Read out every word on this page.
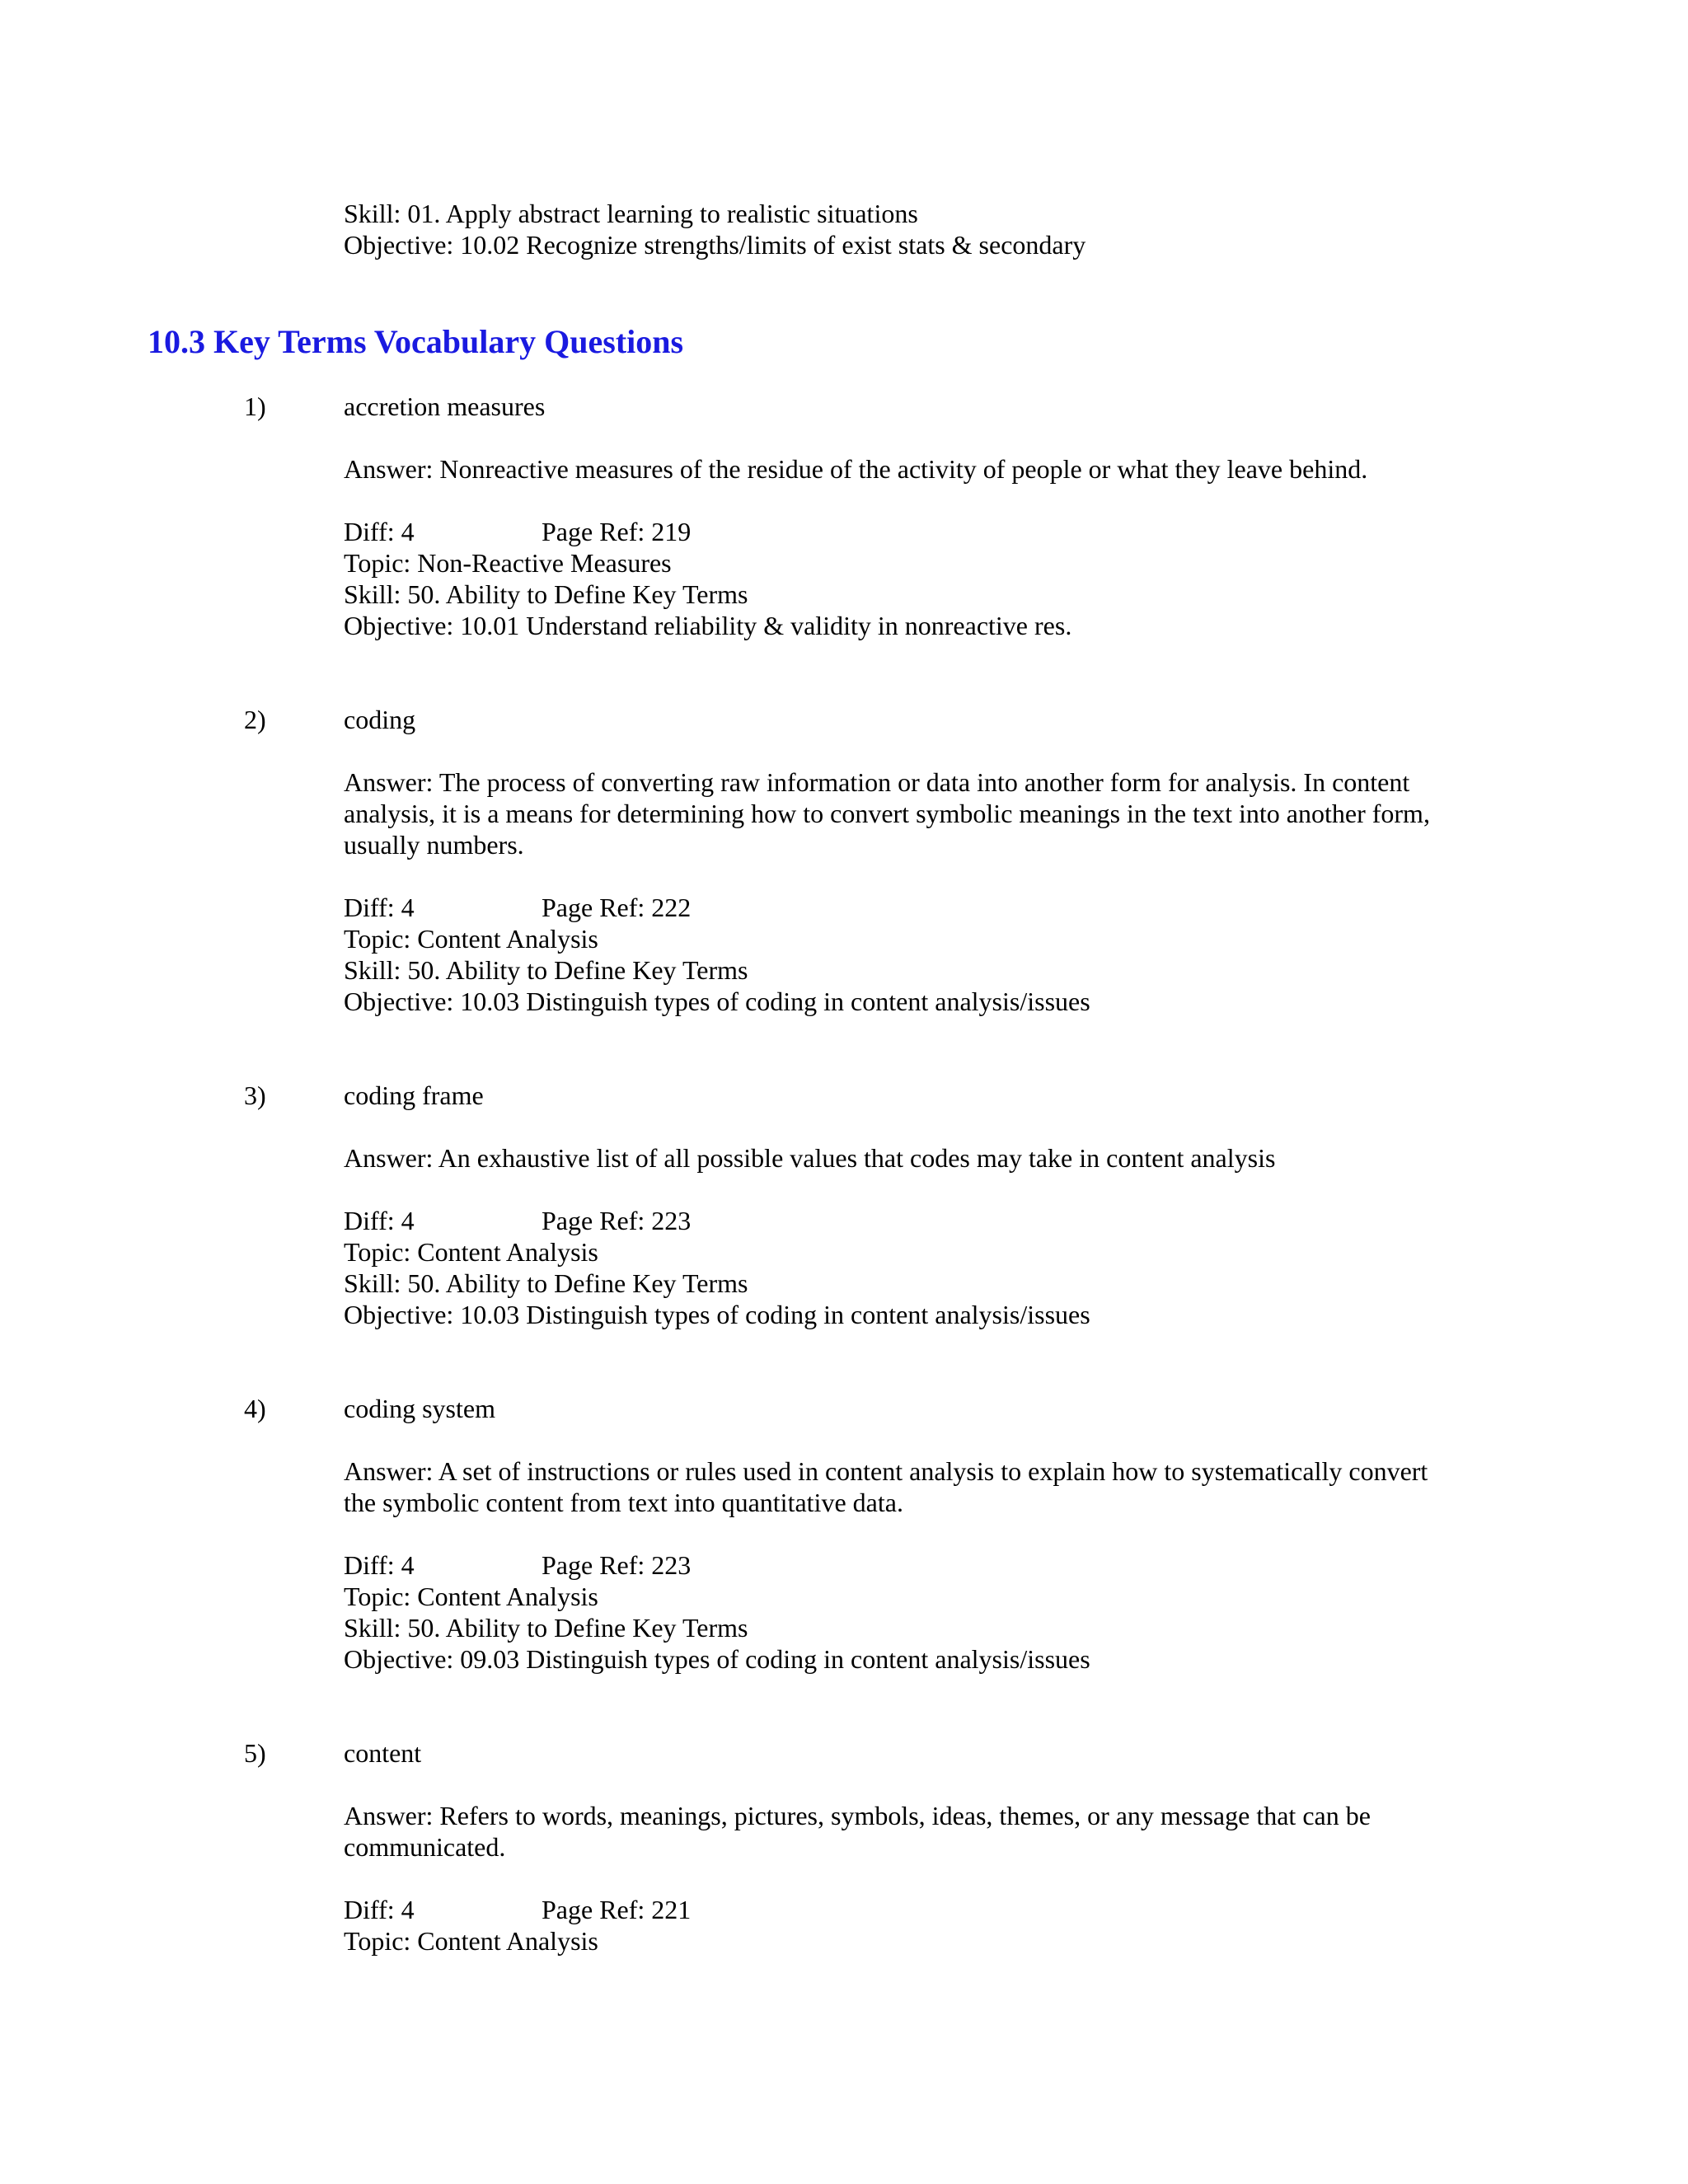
Skill: 01. Apply abstract learning to realistic situations
Objective: 10.02 Recognize strengths/limits of exist stats & secondary
10.3 Key Terms Vocabulary Questions
1)	accretion measures
Answer: Nonreactive measures of the residue of the activity of people or what they leave behind.
Diff: 4	Page Ref: 219
Topic: Non-Reactive Measures
Skill: 50. Ability to Define Key Terms
Objective: 10.01 Understand reliability & validity in nonreactive res.
2)	coding
Answer: The process of converting raw information or data into another form for analysis. In content analysis, it is a means for determining how to convert symbolic meanings in the text into another form, usually numbers.
Diff: 4	Page Ref: 222
Topic: Content Analysis
Skill: 50. Ability to Define Key Terms
Objective: 10.03 Distinguish types of coding in content analysis/issues
3)	coding frame
Answer: An exhaustive list of all possible values that codes may take in content analysis
Diff: 4	Page Ref: 223
Topic: Content Analysis
Skill: 50. Ability to Define Key Terms
Objective: 10.03 Distinguish types of coding in content analysis/issues
4)	coding system
Answer: A set of instructions or rules used in content analysis to explain how to systematically convert the symbolic content from text into quantitative data.
Diff: 4	Page Ref: 223
Topic: Content Analysis
Skill: 50. Ability to Define Key Terms
Objective: 09.03 Distinguish types of coding in content analysis/issues
5)	content
Answer: Refers to words, meanings, pictures, symbols, ideas, themes, or any message that can be communicated.
Diff: 4	Page Ref: 221
Topic: Content Analysis
